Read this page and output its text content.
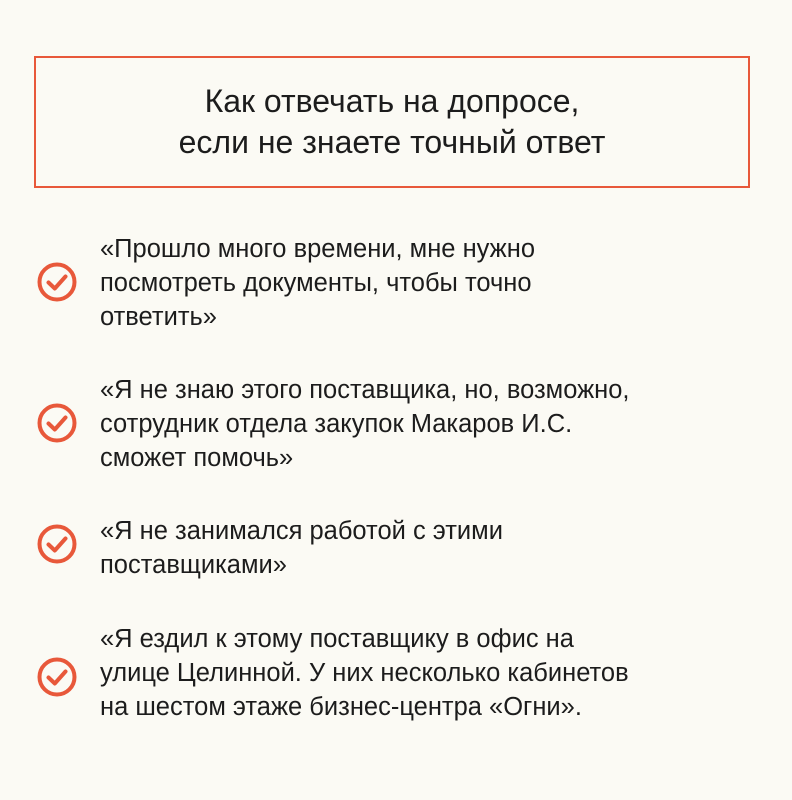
Как отвечать на допросе,
если не знаете точный ответ
«Прошло много времени, мне нужно
посмотреть документы, чтобы точно
ответить»
«Я не знаю этого поставщика, но, возможно,
сотрудник отдела закупок Макаров И.С.
сможет помочь»
«Я не занимался работой с этими
поставщиками»
«Я ездил к этому поставщику в офис на
улице Целинной. У них несколько кабинетов
на шестом этаже бизнес-центра «Огни».
